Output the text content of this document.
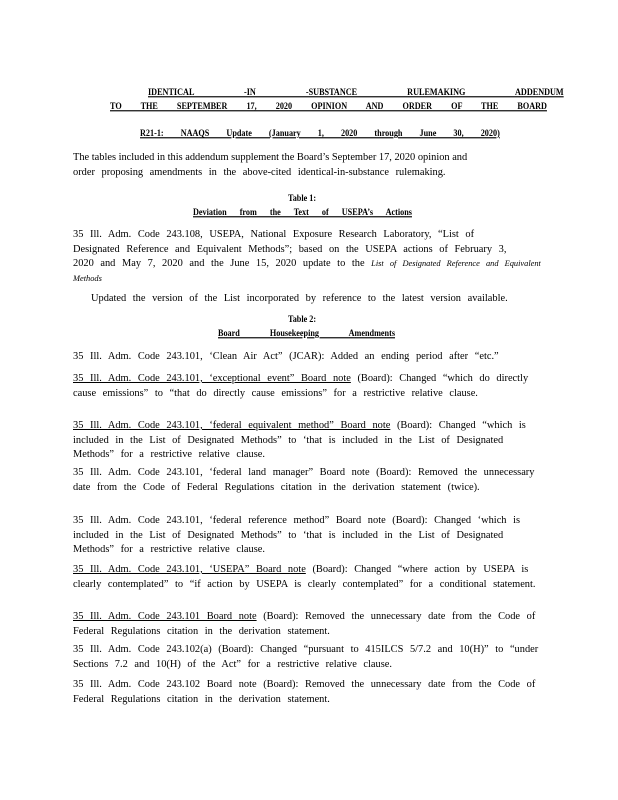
IDENTICAL -IN -SUBSTANCE RULEMAKING ADDENDUM
TO THE SEPTEMBER 17, 2020 OPINION AND ORDER OF THE BOARD
R21-1: NAAQS Update (January 1, 2020 through June 30, 2020)
The tables included in this addendum supplement the Board’s September 17, 2020 opinion and
order proposing amendments in the above-cited identical-in-substance rulemaking.
Table 1:
Deviation from the Text of USEPA’s Actions
35 Ill. Adm. Code 243.108, USEPA, National Exposure Research Laboratory, “List of
Designated Reference and Equivalent Methods”; based on the USEPA actions of February 3,
2020 and May 7, 2020 and the June 15, 2020 update to the List of Designated Reference and Equivalent Methods
Updated the version of the List incorporated by reference to the latest version available.
Table 2:
Board Housekeeping Amendments
35 Ill. Adm. Code 243.101, ‘Clean Air Act” (JCAR): Added an ending period after “etc.”
35 Ill. Adm. Code 243.101, ‘exceptional event” Board note (Board): Changed “which do directly cause emissions” to “that do directly cause emissions” for a restrictive relative clause.
35 Ill. Adm. Code 243.101, ‘federal equivalent method” Board note (Board): Changed “which is included in the List of Designated Methods” to ‘that is included in the List of Designated Methods” for a restrictive relative clause.
35 Ill. Adm. Code 243.101, ‘federal land manager” Board note (Board): Removed the unnecessary date from the Code of Federal Regulations citation in the derivation statement (twice).
35 Ill. Adm. Code 243.101, ‘federal reference method” Board note (Board): Changed ‘which is included in the List of Designated Methods” to ‘that is included in the List of Designated Methods” for a restrictive relative clause.
35 Ill. Adm. Code 243.101, ‘USEPA” Board note (Board): Changed “where action by USEPA is clearly contemplated” to “if action by USEPA is clearly contemplated” for a conditional statement.
35 Ill. Adm. Code 243.101 Board note (Board): Removed the unnecessary date from the Code of Federal Regulations citation in the derivation statement.
35 Ill. Adm. Code 243.102(a) (Board): Changed “pursuant to 415ILCS 5/7.2 and 10(H)” to “under Sections 7.2 and 10(H) of the Act” for a restrictive relative clause.
35 Ill. Adm. Code 243.102 Board note (Board): Removed the unnecessary date from the Code of Federal Regulations citation in the derivation statement.
